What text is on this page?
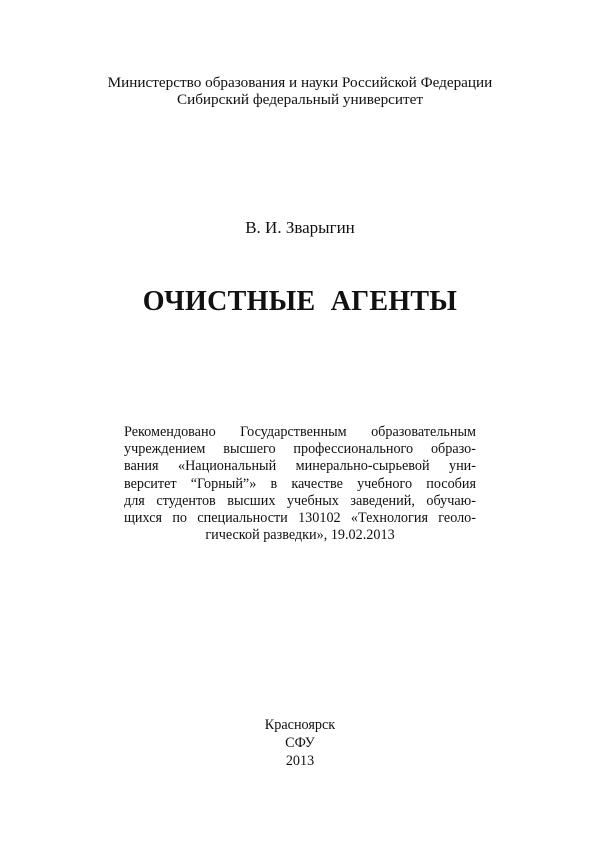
Министерство образования и науки Российской Федерации
Сибирский федеральный университет
В. И. Зварыгин
ОЧИСТНЫЕ АГЕНТЫ
Рекомендовано Государственным образовательным
учреждением высшего профессионального образо-
вания «Национальный минерально-сырьевой уни-
верситет “Горный”» в качестве учебного пособия
для студентов высших учебных заведений, обучаю-
щихся по специальности 130102 «Технология геоло-
гической разведки», 19.02.2013
Красноярск
СФУ
2013
